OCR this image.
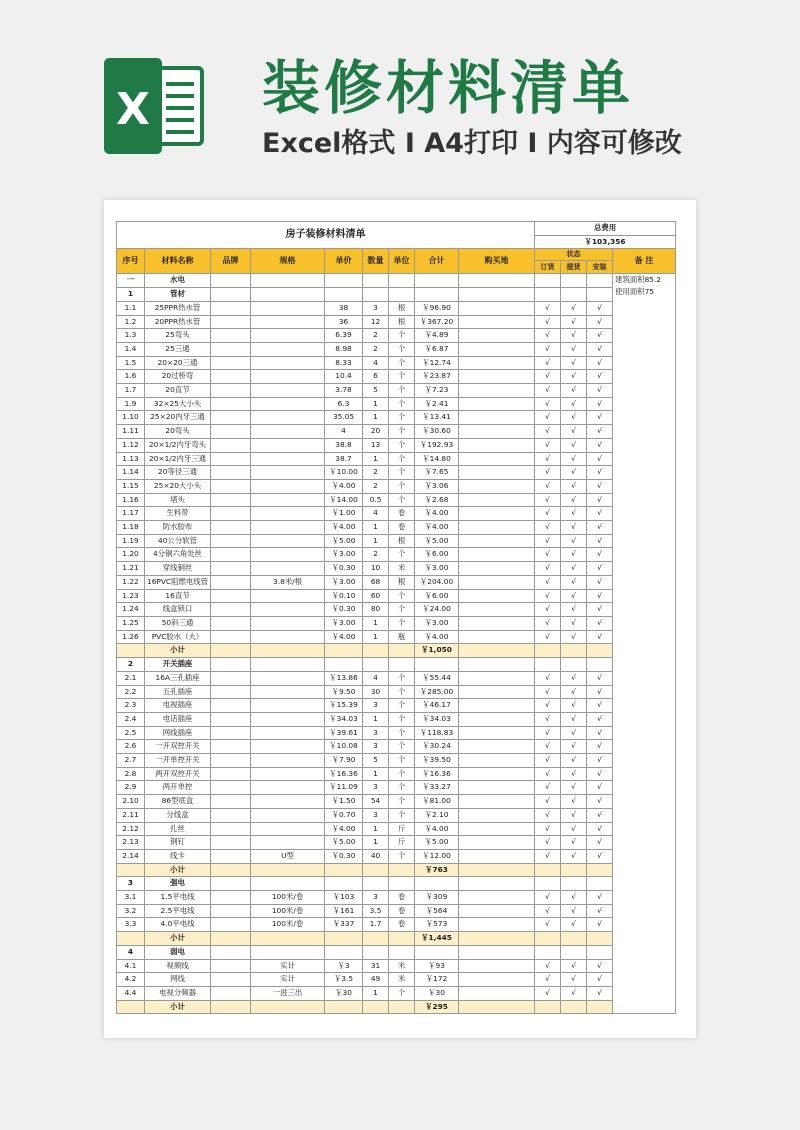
X 装修材料清单
Excel格式 I A4打印 I 内容可修改
房子装修材料清单									总费用			
									￥103,356			
序号	材料名称	品牌	规格	单价	数量	单位	合计	购买地	状态			备 注
									订货	提货	安装	
一	水电											建筑面积85.2
使用面积75

1	管材											
1.1	25PPR热水管			38	3	根	￥96.90		√	√	√	
1.2	20PPR热水管			36	12	根	￥367.20		√	√	√	
1.3	25弯头			6.39	2	个	￥4.89		√	√	√	
1.4	25三通			8.98	2	个	￥6.87		√	√	√	
1.5	20×20三通			8.33	4	个	￥12.74		√	√	√	
1.6	20过桥弯			10.4	6	个	￥23.87		√	√	√	
1.7	20直节			3.78	5	个	￥7.23		√	√	√	
1.9	32×25大小头			6.3	1	个	￥2.41		√	√	√	
1.10	25×20内牙三通			35.05	1	个	￥13.41		√	√	√	
1.11	20弯头			4	20	个	￥30.60		√	√	√	
1.12	20×1/2内牙弯头			38.8	13	个	￥192.93		√	√	√	
1.13	20×1/2内牙三通			38.7	1	个	￥14.80		√	√	√	
1.14	20等径三通			￥10.00	2	个	￥7.65		√	√	√	
1.15	25×20大小头			￥4.00	2	个	￥3.06		√	√	√	
1.16	堵头			￥14.00	0.5	个	￥2.68		√	√	√	
1.17	生料带			￥1.00	4	卷	￥4.00		√	√	√	
1.18	防水胶布			￥4.00	1	卷	￥4.00		√	√	√	
1.19	40公分软管			￥5.00	1	根	￥5.00		√	√	√	
1.20	4分铜六角处丝			￥3.00	2	个	￥6.00		√	√	√	
1.21	穿线铜丝			￥0.30	10	米	￥3.00		√	√	√	
1.22	16PVC阻燃电线管		3.8米/根	￥3.00	68	根	￥204.00		√	√	√	
1.23	16直节			￥0.10	60	个	￥6.00		√	√	√	
1.24	线盒锁口			￥0.30	80	个	￥24.00		√	√	√	
1.25	50斜三通			￥3.00	1	个	￥3.00		√	√	√	
1.26	PVC胶水（大）			￥4.00	1	瓶	￥4.00		√	√	√	
	小计						￥1,050					
2	开关插座											
2.1	16A三孔插座			￥13.86	4	个	￥55.44		√	√	√	
2.2	五孔插座			￥9.50	30	个	￥285.00		√	√	√	
2.3	电视插座			￥15.39	3	个	￥46.17		√	√	√	
2.4	电话插座			￥34.03	1	个	￥34.03		√	√	√	
2.5	网线插座			￥39.61	3	个	￥118.83		√	√	√	
2.6	一开双控开关			￥10.08	3	个	￥30.24		√	√	√	
2.7	一开单控开关			￥7.90	5	个	￥39.50		√	√	√	
2.8	两开双控开关			￥16.36	1	个	￥16.36		√	√	√	
2.9	两开单控			￥11.09	3	个	￥33.27		√	√	√	
2.10	86型底盒			￥1.50	54	个	￥81.00		√	√	√	
2.11	分线盒			￥0.70	3	个	￥2.10		√	√	√	
2.12	扎丝			￥4.00	1	斤	￥4.00		√	√	√	
2.13	钢钉			￥5.00	1	斤	￥5.00		√	√	√	
2.14	线卡		U型	￥0.30	40	个	￥12.00		√	√	√	
	小计						￥763					
3	强电											
3.1	1.5平电线		100米/卷	￥103	3	卷	￥309		√	√	√	
3.2	2.5平电线		100米/卷	￥161	3.5	卷	￥564		√	√	√	
3.3	4.0平电线		100米/卷	￥337	1.7	卷	￥573		√	√	√	
	小计						￥1,445					
4	弱电											
4.1	视频线		实计	￥3	31	米	￥93		√	√	√	
4.2	网线		实计	￥3.5	49	米	￥172		√	√	√	
4.4	电视分频器		一进三出	￥30	1	个	￥30		√	√	√	
	小计						￥295					
